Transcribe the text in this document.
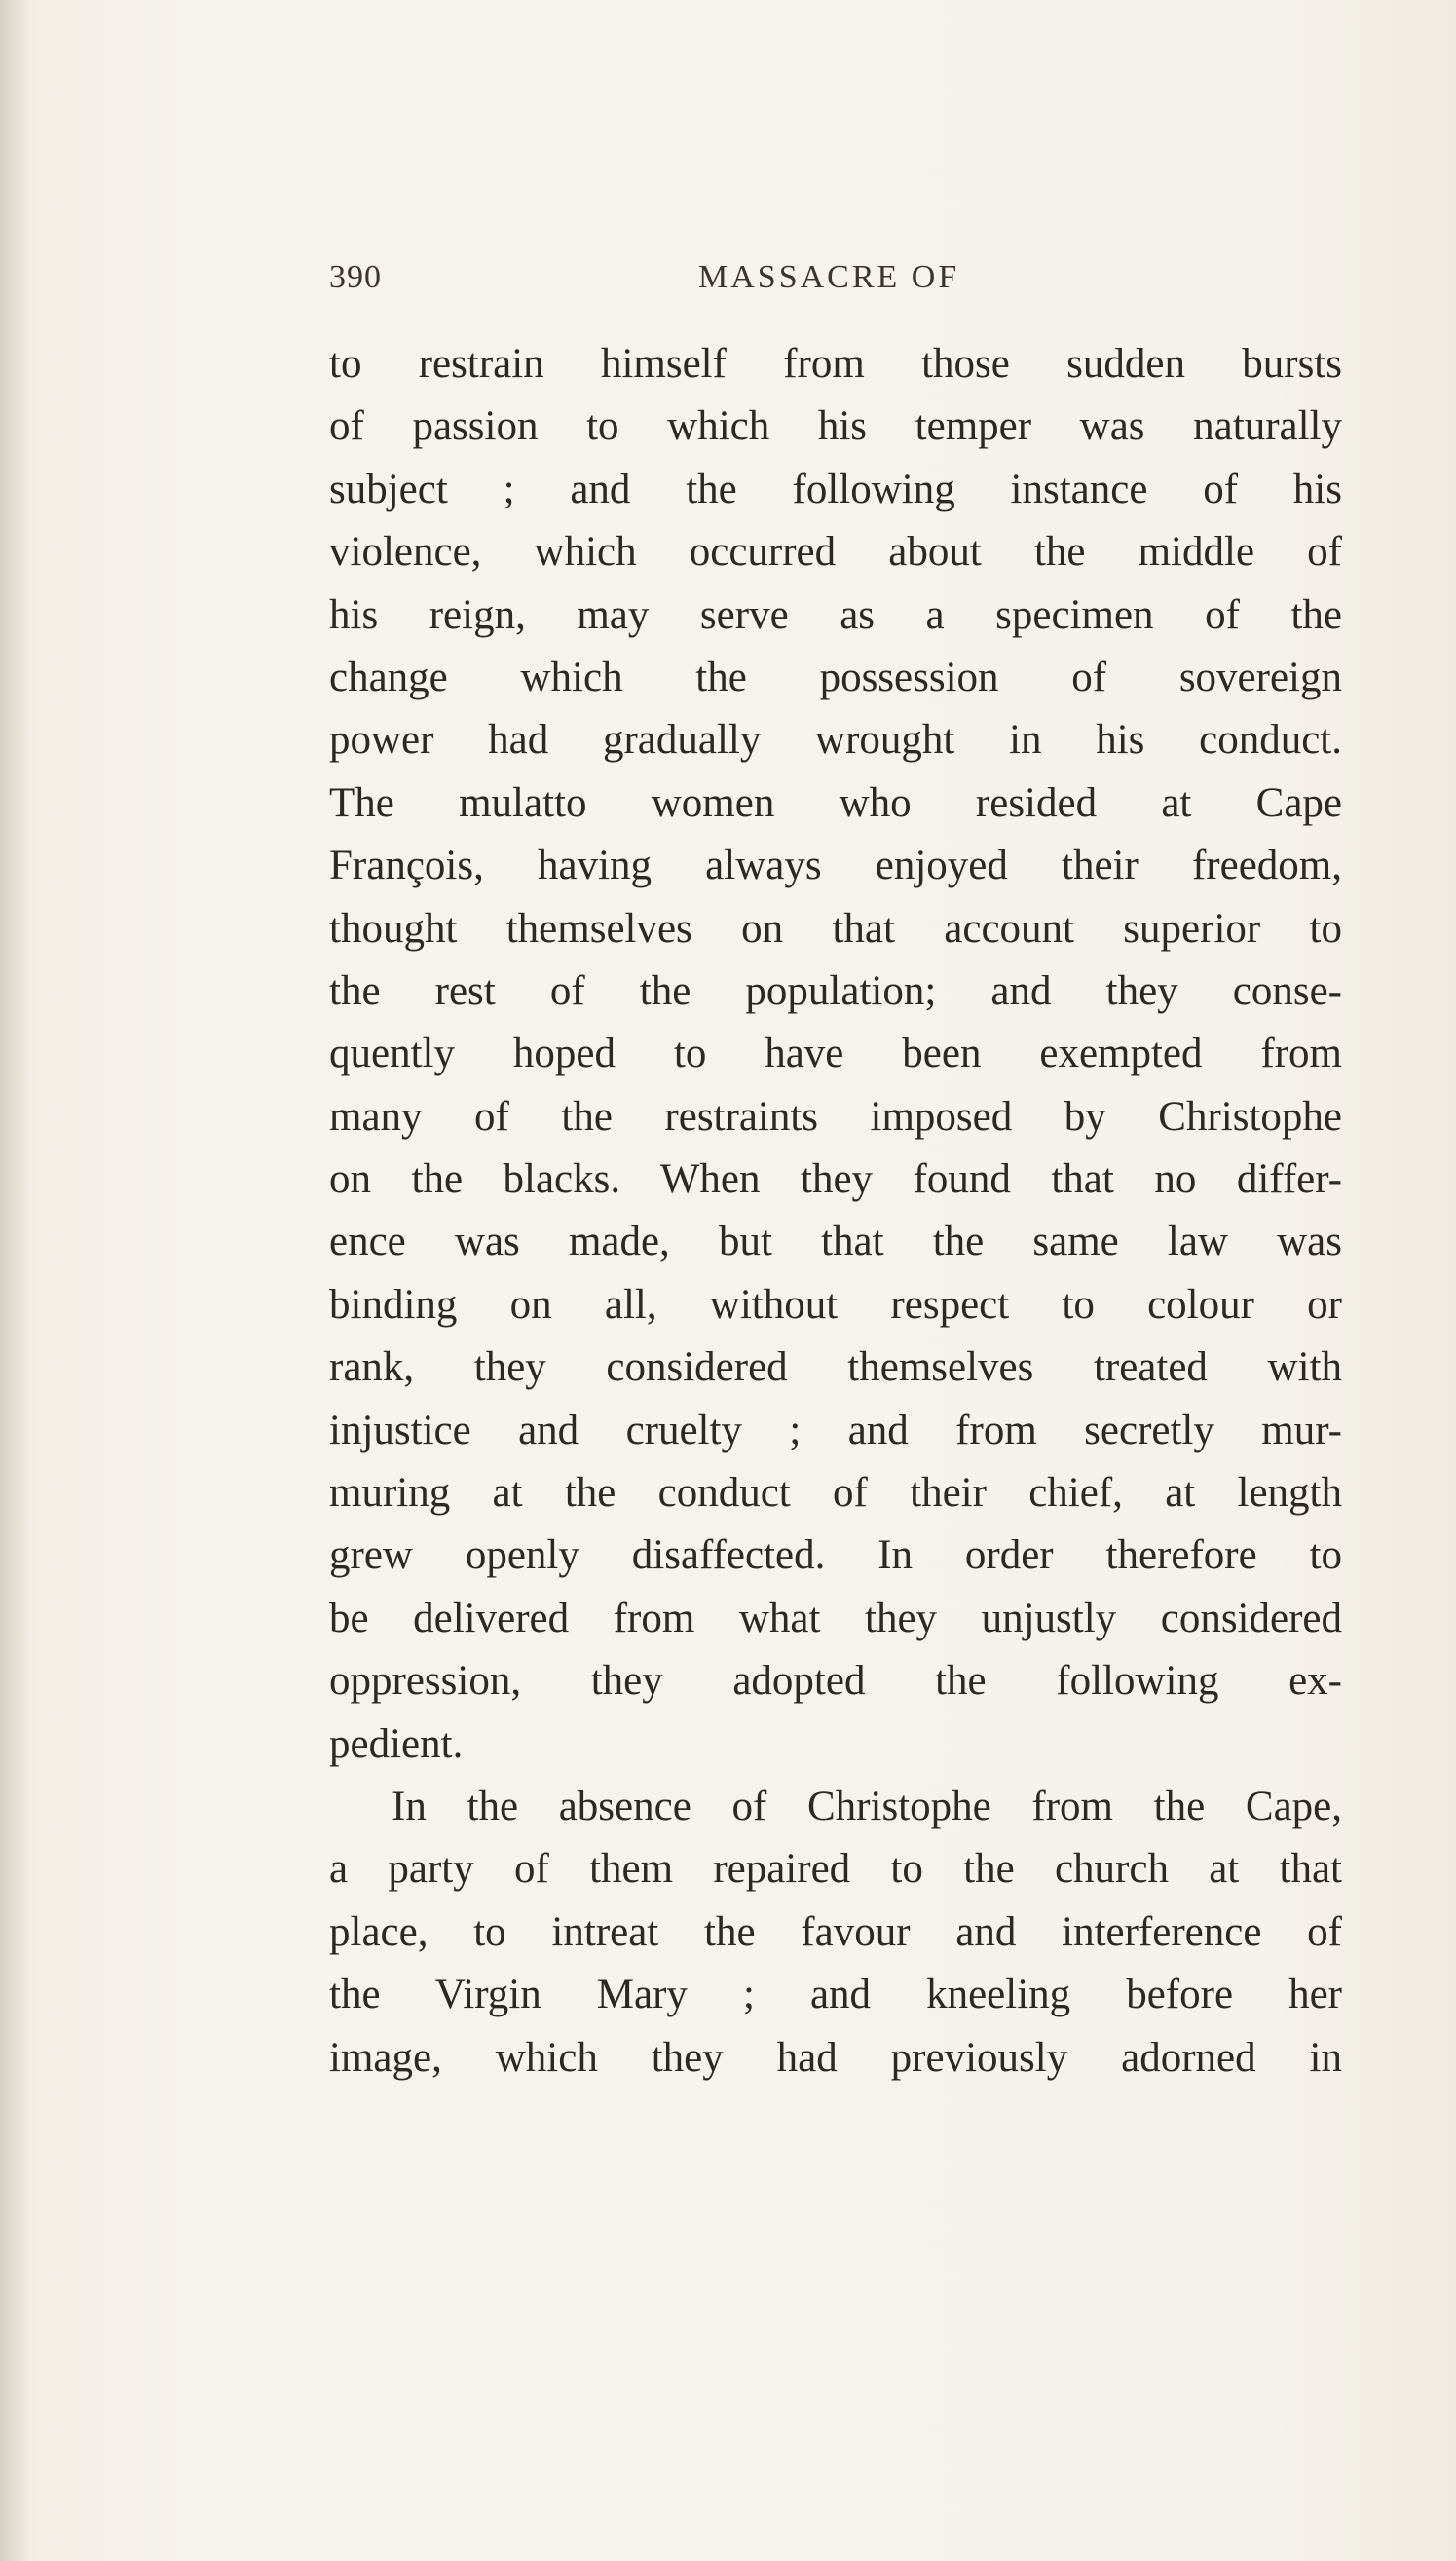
390	MASSACRE OF
to restrain himself from those sudden bursts
of passion to which his temper was naturally
subject ; and the following instance of his
violence, which occurred about the middle of
his reign, may serve as a specimen of the
change which the possession of sovereign
power had gradually wrought in his conduct.
The mulatto women who resided at Cape
François, having always enjoyed their freedom,
thought themselves on that account superior to
the rest of the population; and they conse-
quently hoped to have been exempted from
many of the restraints imposed by Christophe
on the blacks. When they found that no differ-
ence was made, but that the same law was
binding on all, without respect to colour or
rank, they considered themselves treated with
injustice and cruelty ; and from secretly mur-
muring at the conduct of their chief, at length
grew openly disaffected. In order therefore to
be delivered from what they unjustly considered
oppression, they adopted the following ex-
pedient.
In the absence of Christophe from the Cape,
a party of them repaired to the church at that
place, to intreat the favour and interference of
the Virgin Mary ; and kneeling before her
image, which they had previously adorned in
